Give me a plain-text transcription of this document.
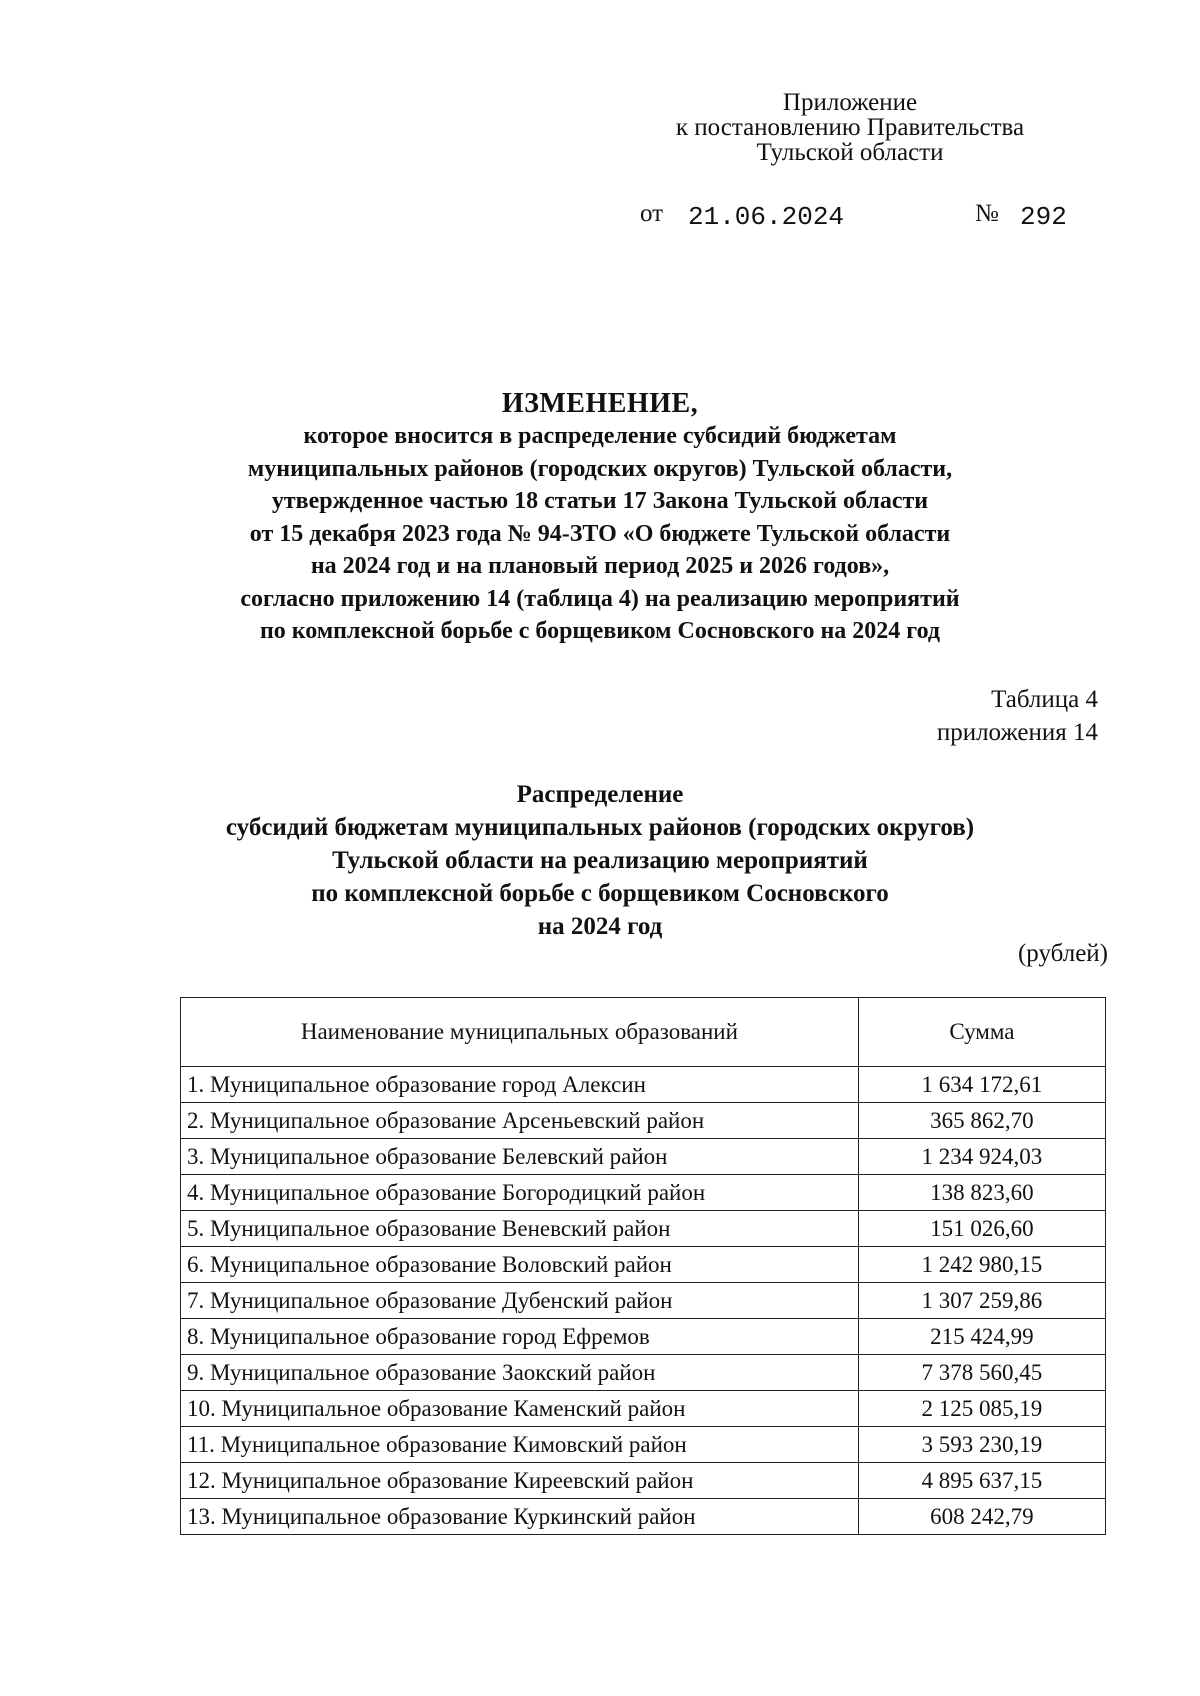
Приложение
к постановлению Правительства
Тульской области
от 21.06.2024	№ 292
ИЗМЕНЕНИЕ,
которое вносится в распределение субсидий бюджетам
муниципальных районов (городских округов) Тульской области,
утвержденное частью 18 статьи 17 Закона Тульской области
от 15 декабря 2023 года № 94-ЗТО «О бюджете Тульской области
на 2024 год и на плановый период 2025 и 2026 годов»,
согласно приложению 14 (таблица 4) на реализацию мероприятий
по комплексной борьбе с борщевиком Сосновского на 2024 год
Таблица 4
приложения 14
Распределение
субсидий бюджетам муниципальных районов (городских округов)
Тульской области на реализацию мероприятий
по комплексной борьбе с борщевиком Сосновского
на 2024 год
(рублей)
Наименование муниципальных образований	Сумма
1. Муниципальное образование город Алексин	1 634 172,61
2. Муниципальное образование Арсеньевский район	365 862,70
3. Муниципальное образование Белевский район	1 234 924,03
4. Муниципальное образование Богородицкий район	138 823,60
5. Муниципальное образование Веневский район	151 026,60
6. Муниципальное образование Воловский район	1 242 980,15
7. Муниципальное образование Дубенский район	1 307 259,86
8. Муниципальное образование город Ефремов	215 424,99
9. Муниципальное образование Заокский район	7 378 560,45
10. Муниципальное образование Каменский район	2 125 085,19
11. Муниципальное образование Кимовский район	3 593 230,19
12. Муниципальное образование Киреевский район	4 895 637,15
13. Муниципальное образование Куркинский район	608 242,79
